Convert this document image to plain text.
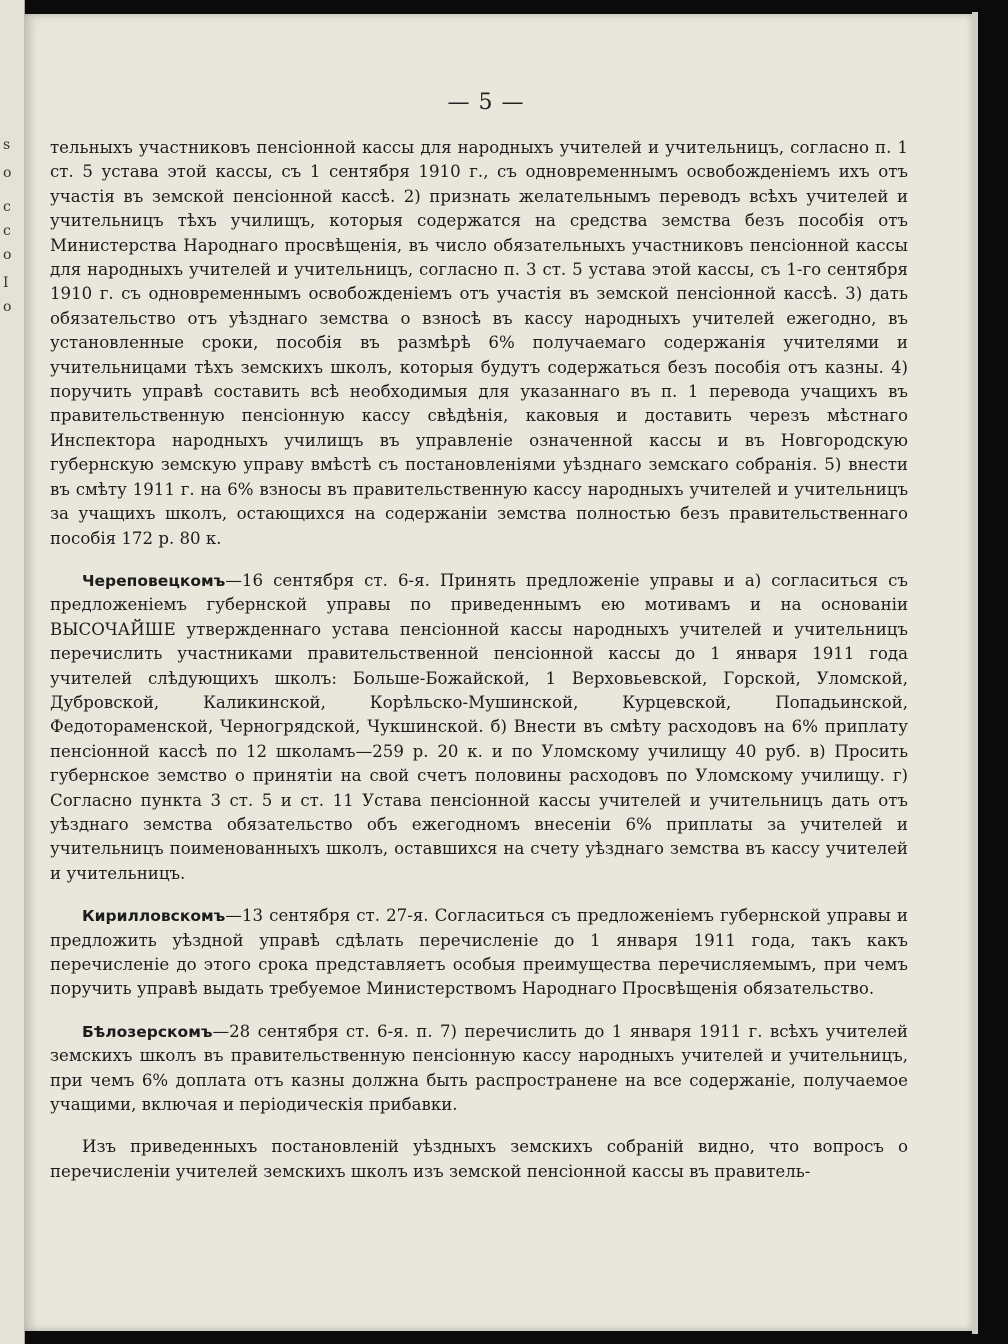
s
o
c
c
o
I
o
— 5 —

тельныхъ участниковъ пенсіонной кассы для народныхъ учителей и учительницъ, согласно п. 1 ст. 5 устава этой кассы, съ 1 сентября 1910 г., съ одновременнымъ освобожденіемъ ихъ отъ участія въ земской пенсіонной кассѣ. 2) признать желательнымъ переводъ всѣхъ учителей и учительницъ тѣхъ училищъ, которыя содержатся на средства земства безъ пособія отъ Министерства Народнаго просвѣщенія, въ число обязательныхъ участниковъ пенсіонной кассы для народныхъ учителей и учительницъ, согласно п. 3 ст. 5 устава этой кассы, съ 1-го сентября 1910 г. съ одновременнымъ освобожденіемъ отъ участія въ земской пенсіонной кассѣ. 3) дать обязательство отъ уѣзднаго земства о взносѣ въ кассу народныхъ учителей ежегодно, въ установленные сроки, пособія въ размѣрѣ 6% получаемаго содержанія учителями и учительницами тѣхъ земскихъ школъ, которыя будутъ содержаться безъ пособія отъ казны. 4) поручить управѣ составить всѣ необходимыя для указаннаго въ п. 1 перевода учащихъ въ правительственную пенсіонную кассу свѣдѣнія, каковыя и доставить черезъ мѣстнаго Инспектора народныхъ училищъ въ управленіе означенной кассы и въ Новгородскую губернскую земскую управу вмѣстѣ съ постановленіями уѣзднаго земскаго собранія. 5) внести въ смѣту 1911 г. на 6% взносы въ правительственную кассу народныхъ учителей и учительницъ за учащихъ школъ, остающихся на содержаніи земства полностью безъ правительственнаго пособія 172 р. 80 к.

Череповецкомъ—16 сентября ст. 6-я. Принять предложеніе управы и а) согласиться съ предложеніемъ губернской управы по приведеннымъ ею мотивамъ и на основаніи ВЫСОЧАЙШЕ утвержденнаго устава пенсіонной кассы народныхъ учителей и учительницъ перечислить участниками правительственной пенсіонной кассы до 1 января 1911 года учителей слѣдующихъ школъ: Больше-Божайской, 1 Верховьевской, Горской, Уломской, Дубровской, Каликинской, Корѣльско-Мушинской, Курцевской, Попадьинской, Федотораменской, Черногрядской, Чукшинской. б) Внести въ смѣту расходовъ на 6% приплату пенсіонной кассѣ по 12 школамъ—259 р. 20 к. и по Уломскому училищу 40 руб. в) Просить губернское земство о принятіи на свой счетъ половины расходовъ по Уломскому училищу. г) Согласно пункта 3 ст. 5 и ст. 11 Устава пенсіонной кассы учителей и учительницъ дать отъ уѣзднаго земства обязательство объ ежегодномъ внесеніи 6% приплаты за учителей и учительницъ поименованныхъ школъ, оставшихся на счету уѣзднаго земства въ кассу учителей и учительницъ.

Кирилловскомъ—13 сентября ст. 27-я. Согласиться съ предложеніемъ губернской управы и предложить уѣздной управѣ сдѣлать перечисленіе до 1 января 1911 года, такъ какъ перечисленіе до этого срока представляетъ особыя преимущества перечисляемымъ, при чемъ поручить управѣ выдать требуемое Министерствомъ Народнаго Просвѣщенія обязательство.

Бѣлозерскомъ—28 сентября ст. 6-я. п. 7) перечислить до 1 января 1911 г. всѣхъ учителей земскихъ школъ въ правительственную пенсіонную кассу народныхъ учителей и учительницъ, при чемъ 6% доплата отъ казны должна быть распространене на все содержаніе, получаемое учащими, включая и періодическія прибавки.

Изъ приведенныхъ постановленій уѣздныхъ земскихъ собраній видно, что вопросъ о перечисленіи учителей земскихъ школъ изъ земской пенсіонной кассы въ правитель-
